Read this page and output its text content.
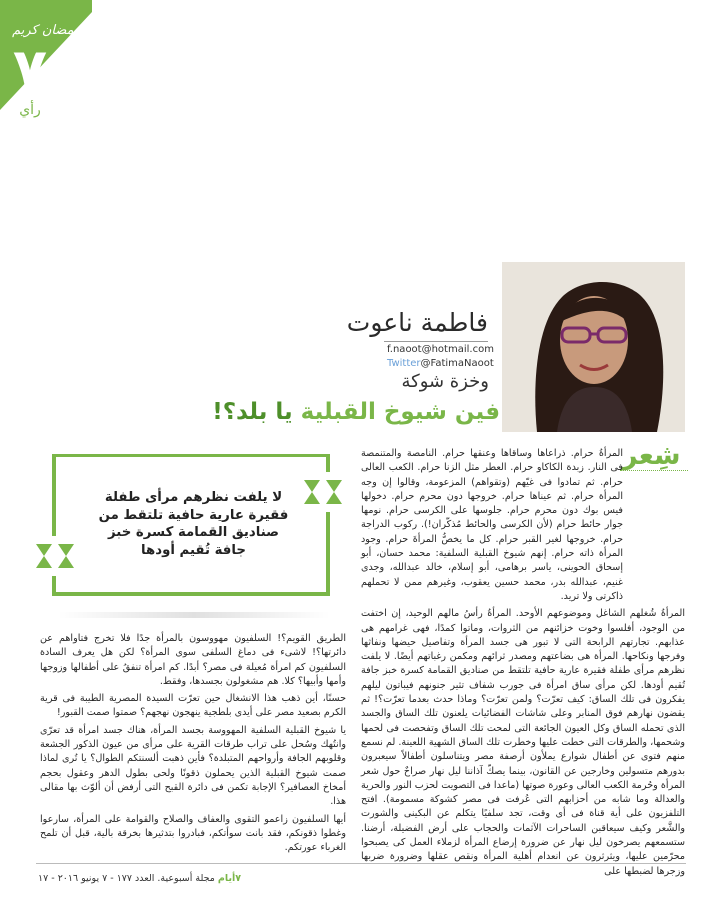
رمضان كريم
٧
رأي
فاطمة ناعوت
f.naoot@hotmail.com
Twitter@FatimaNaoot
وخزة شوكة
فين شيوخ القبلية يا بلد؟!
شِعر

المرأةُ حرام. ذراعاها وساقاها وعنقها حرام. النامصة والمتنمصة فى النار. زبدة الكاكاو حرام. العطر مثل الزنا حرام. الكعب العالى حرام. ثم تمادوا فى غيّهم (وتقواهم) المزعومة، وقالوا إن وجه المرأة حرام. ثم عيناها حرام. خروجها دون محرم حرام. دخولها فيس بوك دون محرم حرام. جلوسها على الكرسى حرام. نومها جوار حائط حرام (لأن الكرسى والحائط مُذكّران!). ركوب الدراجة حرام. خروجها لغير القبر حرام. كل ما يخصُّ المرأةَ حرام. وجود المرأة ذاته حرام. إنهم شيوخ القبلية السلفية: محمد حسان، أبو إسحاق الحوينى، ياسر برهامى، أبو إسلام، خالد عبدالله، وجدى غنيم، عبدالله بدر، محمد حسين يعقوب، وغيرهم ممن لا تحملهم ذاكرتى ولا تريد.

المرأةُ شُغلهم الشاغل وموضوعهم الأوحد. المرأةُ رأسُ مالهم الوحيد، إن اختفت من الوجود، أفلسوا وخوت خزائنهم من الثروات، وماتوا كمدًا، فهى غرامهم هى عذابهم. تجارتهم الرابحة التى لا تبور هى جسد المرأة وتفاصيل حيضها ونفاثها وفرجها ونكاحها. المرأة هى بضاعتهم ومصدر ثرائهم ومكمن رغباتهم أيضًا. لا يلفت نظرهم مرأى طفلة فقيرة عارية حافية تلتقط من صناديق القمامة كسرة خبز جافة تُقيم أودها. لكن مرأى ساق امرأة فى جورب شفاف تثير جنونهم فيباتون ليلهم يفكرون فى تلك الساق: كيف تعرّت؟ ولمن تعرّت؟ وماذا حدث بعدما تعرّت؟! ثم يقضون نهارهم فوق المنابر وعلى شاشات الفضائيات يلعنون تلك الساق والجسد الذى تحمله الساق وكل العيون الجائعة التى لمحت تلك الساق وتفحصت فى لحمها وشحمها، والطرقات التى خطت عليها وخطرت تلك الساق الشهية اللعينة. لم نسمع منهم فتوى عن أطفال شوارع يملأون أرصفة مصر ويتناسلون أطفالاً سيعبرون بدورهم متسولين وخارجين عن القانون، بينما يصكّ آذاننا ليل نهار صراخٌ حول شعر المرأة وحُرمة الكعب العالى وعورة صوتها (ماعدا فى التصويت لحزب النور والحرية والعدالة وما شابه من أحزابهم التى عُرفت فى مصر كشوكة مسمومة). افتح التلفزيون على أية قناة فى أى وقت، تجد سلفيًا يتكلم عن البكينى والشورت والشَّعر وكيف سيعاقبن الساحرات الآثمات والحجاب على أرض الفضيلة، أرضنا. ستسمعهم يصرخون ليل نهار عن ضرورة إرضاع المرأة لزملاء العمل كى يصبحوا محرّمين عليها، ويثرثرون عن انعدام أهلية المرأة ونقص عقلها وضرورة ضربها وزجرها لضبطها على

لا يلفت نظرهم مرأى طفلة فقيرة عارية حافية تلتقط من صناديق القمامة كسرة خبز جافة تُقيم أودها

الطريق القويم؟! السلفيون مهووسون بالمرأة جدًا فلا تخرج فتاواهم عن دائرتها؟! لاشىء فى دماغ السلفى سوى المرأة؟ لكن هل يعرف السادة السلفيون كم امرأة مُعيلة فى مصر؟ أبدًا. كم امرأة تنفقُ على أطفالها وزوجها وأمها وأبيها؟ كلا. هم مشغولون بجسدها، وفقط.

حسنًا، أين ذهب هذا الانشغال حين تعرّت السيدة المصرية الطيبة فى قرية الكرم بصعيد مصر على أيدى بلطجية ينهجون نهجهم؟ صمتوا صمت القبور!

يا شيوخ القبلية السلفية المهووسة بجسد المرأة، هناك جسد امرأة قد تعرّى وانتُهك وسُحل على تراب طرقات القرية على مرأى من عيون الذكور الجشعة وقلوبهم الجافة وأرواحهم المتبلدة؟ فأين ذهبت ألسنتكم الطوال؟ يا تُرى لماذا صمت شيوخ القبلية الذين يحملون ذقونًا ولحى بطول الدهر وعقول بحجم أمخاخ العصافير؟ الإجابة تكمن فى دائرة القبح التى أرفض أن ألوّث بها مقالى هذا.

أيها السلفيون زاعمو التقوى والعفاف والصلاح والقوامة على المرأة، سارعوا وغطوا ذقونكم، فقد بانت سوأتكم، فبادروا بتدثيرها بخرقة بالية، قبل أن تلمح الغرباء عورتكم.

٧أيام مجلة أسبوعية. العدد ١٧٧ - ٧ يونيو ٢٠١٦ - ١٧
